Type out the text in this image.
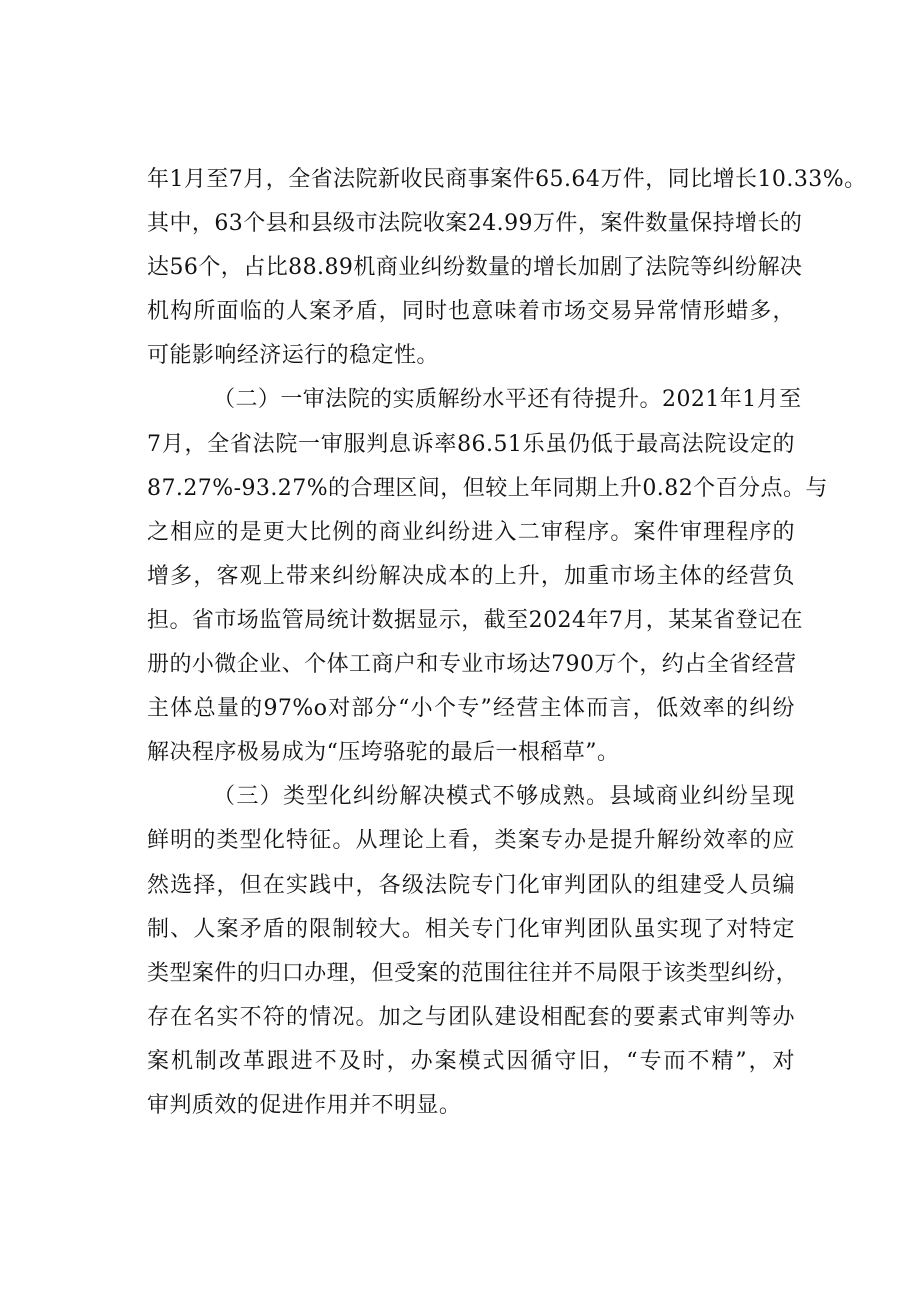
年1月至7月，全省法院新收民商事案件65.64万件，同比增长10.33%。
其中，63个县和县级市法院收案24.99万件，案件数量保持增长的
达56个，占比88.89机商业纠纷数量的增长加剧了法院等纠纷解决
机构所面临的人案矛盾，同时也意味着市场交易异常情形蜡多，
可能影响经济运行的稳定性。
（二）一审法院的实质解纷水平还有待提升。2021年1月至
7月，全省法院一审服判息诉率86.51乐虽仍低于最高法院设定的
87.27%-93.27%的合理区间，但较上年同期上升0.82个百分点。与
之相应的是更大比例的商业纠纷进入二审程序。案件审理程序的
增多，客观上带来纠纷解决成本的上升，加重市场主体的经营负
担。省市场监管局统计数据显示，截至2024年7月，某某省登记在
册的小微企业、个体工商户和专业市场达790万个，约占全省经营
主体总量的97%o对部分“小个专”经营主体而言，低效率的纠纷
解决程序极易成为“压垮骆驼的最后一根稻草”。
（三）类型化纠纷解决模式不够成熟。县域商业纠纷呈现
鲜明的类型化特征。从理论上看，类案专办是提升解纷效率的应
然选择，但在实践中，各级法院专门化审判团队的组建受人员编
制、人案矛盾的限制较大。相关专门化审判团队虽实现了对特定
类型案件的归口办理，但受案的范围往往并不局限于该类型纠纷，
存在名实不符的情况。加之与团队建设相配套的要素式审判等办
案机制改革跟进不及时，办案模式因循守旧，“专而不精”，对
审判质效的促进作用并不明显。
